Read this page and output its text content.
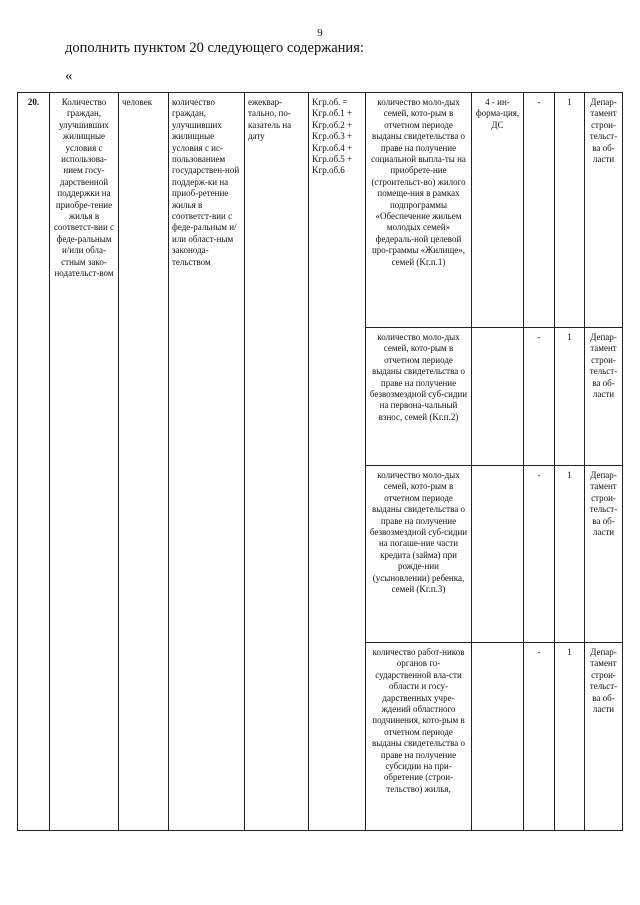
9
дополнить пунктом 20 следующего содержания:
«
20.	Количество граждан, улучшивших жилищные условия с использова-нием госу-дарственной поддержки на приобре-тение жилья в соответст-вии с феде-ральным и/или обла-стным зако-нодательст-вом	человек	количество граждан, улучшивших жилищные условия с ис-пользованием государствен-ной поддерж-ки на приоб-ретение жилья в соответст-вии с феде-ральным и/или област-ным законода-тельством	ежеквар-тально, по-казатель на дату	Kгр.об. = Kгр.об.1 + Kгр.об.2 + Kгр.об.3 + Kгр.об.4 + Kгр.об.5 + Kгр.об.6	количество моло-дых семей, кото-рым в отчетном периоде выданы свидетельства о праве на получение социальной выпла-ты на приобрете-ние (строительст-во) жилого помеще-ния в рамках подпрограммы «Обеспечение жильем молодых семей» федераль-ной целевой про-граммы «Жилище», семей (Kг.п.1)	4 - ин-форма-ция, ДС	-	1	Депар-тамент строи-тельст-ва об-ласти
						количество моло-дых семей, кото-рым в отчетном периоде выданы свидетельства о праве на получение безвозмездной суб-сидии на первона-чальный взнос, семей (Kг.п.2)		-	1	Депар-тамент строи-тельст-ва об-ласти
						количество моло-дых семей, кото-рым в отчетном периоде выданы свидетельства о праве на получение безвозмездной суб-сидии на погаше-ние части кредита (займа) при рожде-нии (усыновлении) ребенка, семей (Kг.п.3)		-	1	Депар-тамент строи-тельст-ва об-ласти
						количество работ-ников органов го-сударственной вла-сти области и госу-дарственных учре-ждений областного подчинения, кото-рым в отчетном периоде выданы свидетельства о праве на получение субсидии на при-обретение (строи-тельство) жилья,		-	1	Депар-тамент строи-тельст-ва об-ласти
